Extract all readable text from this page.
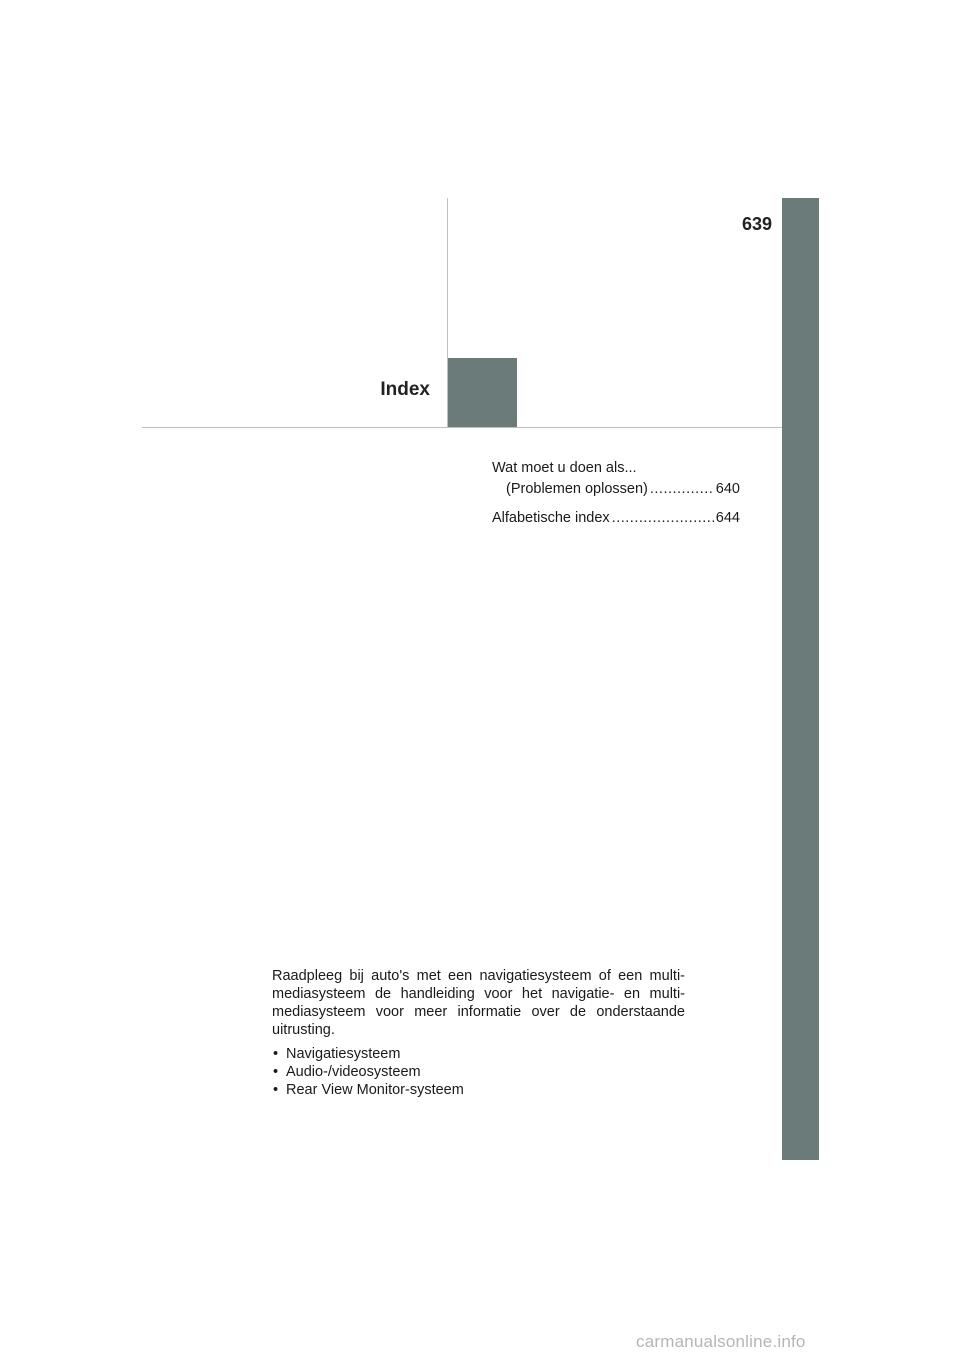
639
Index
Wat moet u doen als...
(Problemen oplossen) .....	640
Alfabetische index .....	644

Raadpleeg bij auto's met een navigatiesysteem of een multi-mediasysteem de handleiding voor het navigatie- en multi-mediasysteem voor meer informatie over de onderstaande uitrusting.

• Navigatiesysteem
• Audio-/videosysteem
• Rear View Monitor-systeem
carmanualsonline.info
